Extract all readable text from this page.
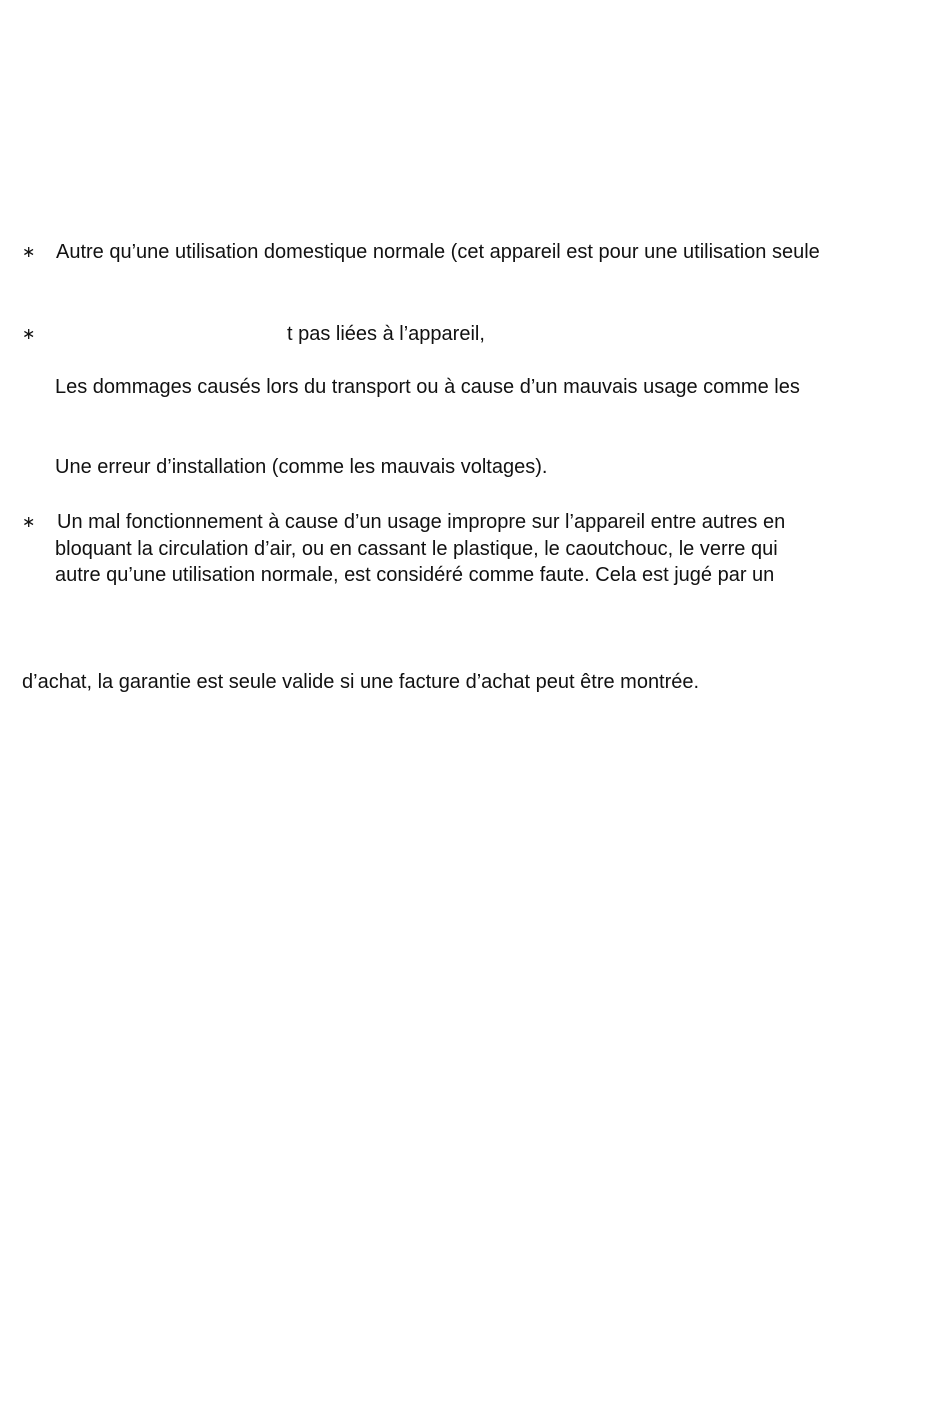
∗ Autre qu’une utilisation domestique normale (cet appareil est pour une utilisation seule
∗	t pas liées à l’appareil,
Les dommages causés lors du transport ou à cause d’un mauvais usage comme les
Une erreur d’installation (comme les mauvais voltages).
∗ Un mal fonctionnement à cause d’un usage impropre sur l’appareil entre autres en
bloquant la circulation d’air, ou en cassant le plastique, le caoutchouc, le verre qui
autre qu’une utilisation normale, est considéré comme faute. Cela est jugé par un
d’achat, la garantie est seule valide si une facture d’achat peut être montrée.
